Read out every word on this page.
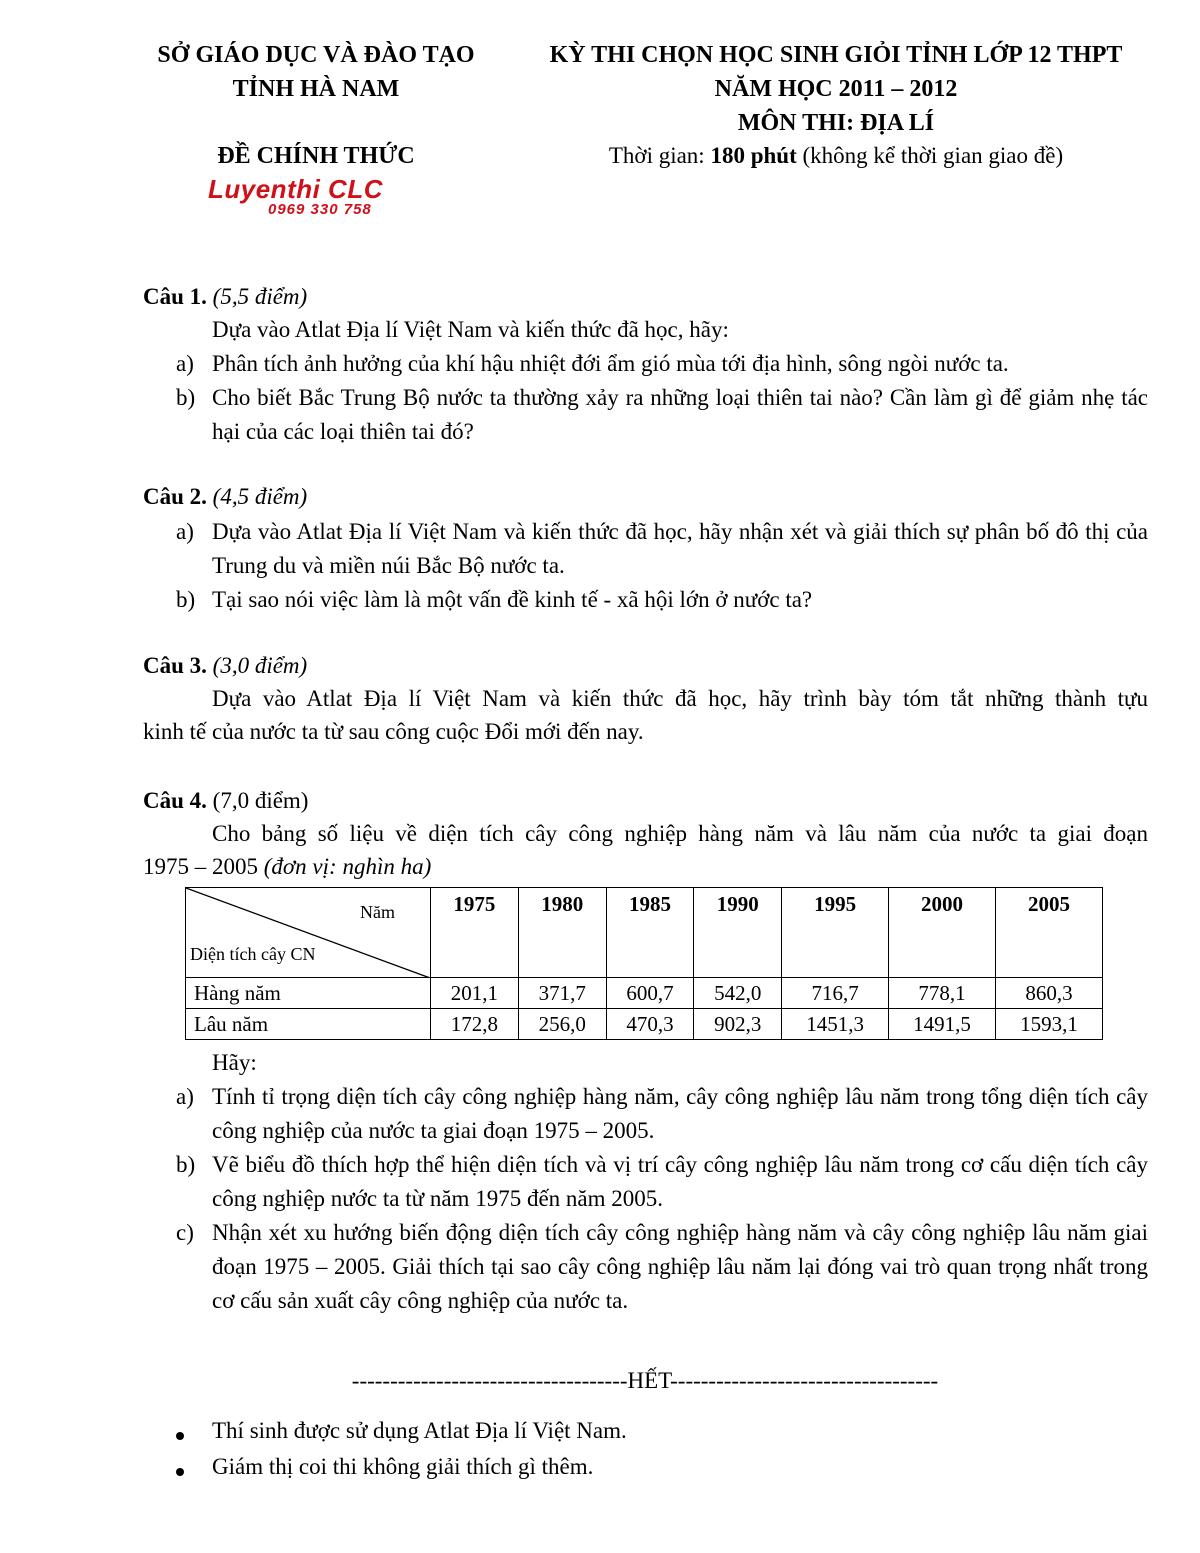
SỞ GIÁO DỤC VÀ ĐÀO TẠO
TỈNH HÀ NAM
KỲ THI CHỌN HỌC SINH GIỎI TỈNH LỚP 12 THPT
NĂM HỌC 2011 – 2012
MÔN THI: ĐỊA LÍ
ĐỀ CHÍNH THỨC	Thời gian: 180 phút (không kể thời gian giao đề)
Luyenthi CLC
0969 330 758
Câu 1. (5,5 điểm)
Dựa vào Atlat Địa lí Việt Nam và kiến thức đã học, hãy:
a) Phân tích ảnh hưởng của khí hậu nhiệt đới ẩm gió mùa tới địa hình, sông ngòi nước ta.
b) Cho biết Bắc Trung Bộ nước ta thường xảy ra những loại thiên tai nào? Cần làm gì để giảm nhẹ tác hại của các loại thiên tai đó?
Câu 2. (4,5 điểm)
a) Dựa vào Atlat Địa lí Việt Nam và kiến thức đã học, hãy nhận xét và giải thích sự phân bố đô thị của Trung du và miền núi Bắc Bộ nước ta.
b) Tại sao nói việc làm là một vấn đề kinh tế - xã hội lớn ở nước ta?
Câu 3. (3,0 điểm)
Dựa vào Atlat Địa lí Việt Nam và kiến thức đã học, hãy trình bày tóm tắt những thành tựu
kinh tế của nước ta từ sau công cuộc Đổi mới đến nay.
Câu 4. (7,0 điểm)
Cho bảng số liệu về diện tích cây công nghiệp hàng năm và lâu năm của nước ta giai đoạn
1975 – 2005 (đơn vị: nghìn ha)
Năm
Diện tích cây CN	1975	1980	1985	1990	1995	2000	2005
Hàng năm	201,1	371,7	600,7	542,0	716,7	778,1	860,3
Lâu năm	172,8	256,0	470,3	902,3	1451,3	1491,5	1593,1
Hãy:
a) Tính tỉ trọng diện tích cây công nghiệp hàng năm, cây công nghiệp lâu năm trong tổng diện tích cây công nghiệp của nước ta giai đoạn 1975 – 2005.
b) Vẽ biểu đồ thích hợp thể hiện diện tích và vị trí cây công nghiệp lâu năm trong cơ cấu diện tích cây công nghiệp nước ta từ năm 1975 đến năm 2005.
c) Nhận xét xu hướng biến động diện tích cây công nghiệp hàng năm và cây công nghiệp lâu năm giai đoạn 1975 – 2005. Giải thích tại sao cây công nghiệp lâu năm lại đóng vai trò quan trọng nhất trong cơ cấu sản xuất cây công nghiệp của nước ta.
------------------------------------HẾT-----------------------------------
Thí sinh được sử dụng Atlat Địa lí Việt Nam.
Giám thị coi thi không giải thích gì thêm.
